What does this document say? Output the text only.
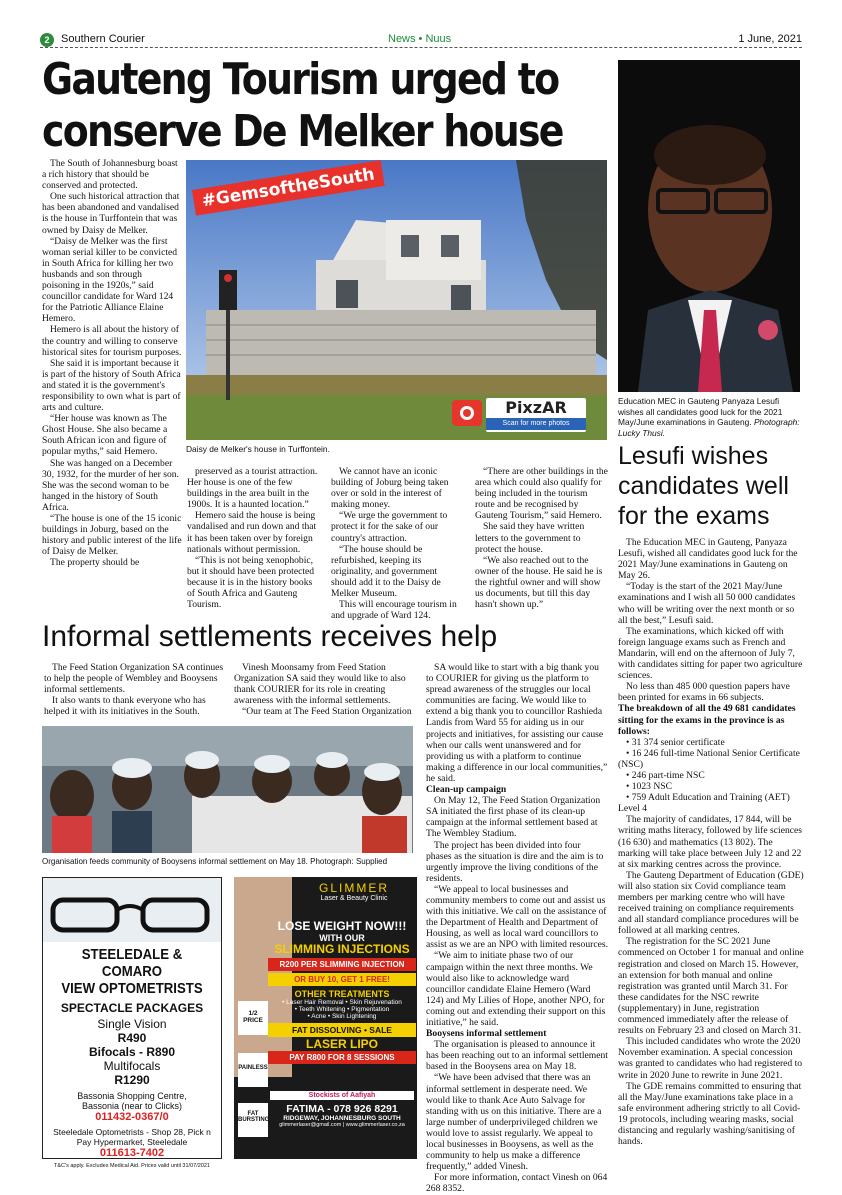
2	Southern Courier	News • Nuus	1 June, 2021
Gauteng Tourism urged to
conserve De Melker house

The South of Johannesburg boast a rich history that should be conserved and protected.

One such historical attraction that has been abandoned and vandalised is the house in Turffontein that was owned by Daisy de Melker.

“Daisy de Melker was the first woman serial killer to be convicted in South Africa for killing her two husbands and son through poisoning in the 1920s,” said councillor candidate for Ward 124 for the Patriotic Alliance Elaine Hemero.

Hemero is all about the history of the country and willing to conserve historical sites for tourism purposes.

She said it is important because it is part of the history of South Africa and stated it is the government's responsibility to own what is part of arts and culture.

“Her house was known as The Ghost House. She also became a South African icon and figure of popular myths,” said Hemero.

She was hanged on a December 30, 1932, for the murder of her son. She was the second woman to be hanged in the history of South Africa.

“The house is one of the 15 iconic buildings in Joburg, based on the history and public interest of the life of Daisy de Melker.

The property should be

#GemsoftheSouth
PixzAR
Scan for more photos
Daisy de Melker's house in Turffontein.

preserved as a tourist attraction. Her house is one of the few buildings in the area built in the 1900s. It is a haunted location.”

Hemero said the house is being vandalised and run down and that it has been taken over by foreign nationals without permission.

“This is not being xenophobic, but it should have been protected because it is in the history books of South Africa and Gauteng Tourism.

We cannot have an iconic building of Joburg being taken over or sold in the interest of making money.

“We urge the government to protect it for the sake of our country's attraction.

“The house should be refurbished, keeping its originality, and government should add it to the Daisy de Melker Museum.

This will encourage tourism in and upgrade of Ward 124.

“There are other buildings in the area which could also qualify for being included in the tourism route and be recognised by Gauteng Tourism,” said Hemero.

She said they have written letters to the government to protect the house.

“We also reached out to the owner of the house. He said he is the rightful owner and will show us documents, but till this day hasn't shown up.”

Education MEC in Gauteng Panyaza Lesufi wishes all candidates good luck for the 2021 May/June examinations in Gauteng. Photograph: Lucky Thusi.
Lesufi wishes candidates well for the exams

The Education MEC in Gauteng, Panyaza Lesufi, wished all candidates good luck for the 2021 May/June examinations in Gauteng on May 26.

“Today is the start of the 2021 May/June examinations and I wish all 50 000 candidates who will be writing over the next month or so all the best,” Lesufi said.

The examinations, which kicked off with foreign language exams such as French and Mandarin, will end on the afternoon of July 7, with candidates sitting for paper two agriculture sciences.

No less than 485 000 question papers have been printed for exams in 66 subjects.

The breakdown of all the 49 681 candidates sitting for the exams in the province is as follows:

• 31 374 senior certificate

• 16 246 full-time National Senior Certificate (NSC)

• 246 part-time NSC

• 1023 NSC

• 759 Adult Education and Training (AET) Level 4

The majority of candidates, 17 844, will be writing maths literacy, followed by life sciences (16 630) and mathematics (13 802). The marking will take place between July 12 and 22 at six marking centres across the province.

The Gauteng Department of Education (GDE) will also station six Covid compliance team members per marking centre who will have received training on compliance requirements and all standard compliance procedures will be followed at all marking centres.

The registration for the SC 2021 June commenced on October 1 for manual and online registration and closed on March 15. However, an extension for both manual and online registration was granted until March 31. For these candidates for the NSC rewrite (supplementary) in June, registration commenced immediately after the release of results on February 23 and closed on March 31.

This included candidates who wrote the 2020 November examination. A special concession was granted to candidates who had registered to write in 2020 June to rewrite in June 2021.

The GDE remains committed to ensuring that all the May/June examinations take place in a safe environment adhering strictly to all Covid-19 protocols, including wearing masks, social distancing and regularly washing/sanitising of hands.

Informal settlements receives help

The Feed Station Organization SA continues to help the people of Wembley and Booysens informal settlements.

It also wants to thank everyone who has helped it with its initiatives in the South.

Vinesh Moonsamy from Feed Station Organization SA said they would like to also thank COURIER for its role in creating awareness with the informal settlements.

“Our team at The Feed Station Organization

SA would like to start with a big thank you to COURIER for giving us the platform to spread awareness of the struggles our local communities are facing. We would like to extend a big thank you to councillor Rashieda Landis from Ward 55 for aiding us in our projects and initiatives, for assisting our cause when our calls went unanswered and for providing us with a platform to continue making a difference in our local communities,” he said.

Clean-up campaign

On May 12, The Feed Station Organization SA initiated the first phase of its clean-up campaign at the informal settlement based at The Wembley Stadium.

The project has been divided into four phases as the situation is dire and the aim is to urgently improve the living conditions of the residents.

“We appeal to local businesses and community members to come out and assist us with this initiative. We call on the assistance of the Department of Health and Department of Housing, as well as local ward councillors to assist as we are an NPO with limited resources.

“We aim to initiate phase two of our campaign within the next three months. We would also like to acknowledge ward councillor candidate Elaine Hemero (Ward 124) and My Lilies of Hope, another NPO, for coming out and extending their support on this initiative,” he said.

Booysens informal settlement

The organisation is pleased to announce it has been reaching out to an informal settlement based in the Booysens area on May 18.

“We have been advised that there was an informal settlement in desperate need. We would like to thank Ace Auto Salvage for standing with us on this initiative. There are a large number of underprivileged children we would love to assist regularly. We appeal to local businesses in Booysens, as well as the community to help us make a difference frequently,” added Vinesh.

For more information, contact Vinesh on 064 268 8352.

Organisation feeds community of Booysens informal settlement on May 18. Photograph: Supplied
STEELEDALE & COMARO
VIEW OPTOMETRISTS
SPECTACLE PACKAGES
Single Vision
R490
Bifocals - R890
Multifocals
R1290
Bassonia Shopping Centre,
Bassonia (near to Clicks)
011432-0367/0
Steeledale Optometrists - Shop 28, Pick n Pay Hypermarket, Steeledale
011613-7402
T&C's apply. Excludes Medical Aid. Prices valid until 31/07/2021
GLIMMER
Laser & Beauty Clinic
LOSE WEIGHT NOW!!!
WITH OUR
SLIMMING INJECTIONS
R200 PER SLIMMING INJECTION
OR BUY 10, GET 1 FREE!
OTHER TREATMENTS
• Laser Hair Removal • Skin Rejuvenation
• Teeth Whitening • Pigmentation
• Acne • Skin Lightening
FAT DISSOLVING • SALE
LASER LIPO
PAY R800 FOR 8 SESSIONS
1/2 PRICE
PAINLESS
FAT BURSTING
Stockists of Aafiyah
FATIMA - 078 926 8291
RIDGEWAY, JOHANNESBURG SOUTH
glimmerlaser@gmail.com | www.glimmerlaser.co.za
